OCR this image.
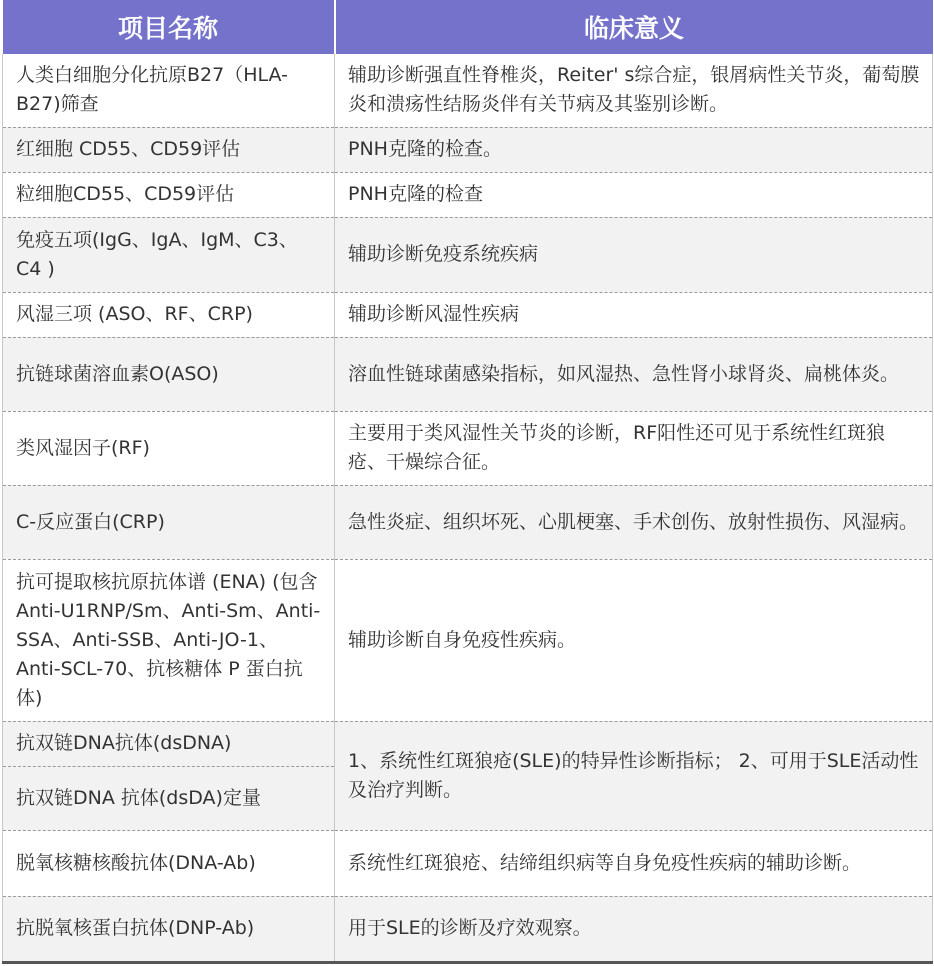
项目名称	临床意义
人类白细胞分化抗原B27（HLA-B27)筛查	辅助诊断强直性脊椎炎，Reiter' s综合症，银屑病性关节炎，葡萄膜炎和溃疡性结肠炎伴有关节病及其鉴别诊断。
红细胞 CD55、CD59评估	PNH克隆的检查。
粒细胞CD55、CD59评估	PNH克隆的检查
免疫五项(IgG、IgA、IgM、C3、C4 )	辅助诊断免疫系统疾病
风湿三项 (ASO、RF、CRP)	辅助诊断风湿性疾病
抗链球菌溶血素O(ASO)	溶血性链球菌感染指标，如风湿热、急性肾小球肾炎、扁桃体炎。
类风湿因子(RF)	主要用于类风湿性关节炎的诊断，RF阳性还可见于系统性红斑狼疮、干燥综合征。
C-反应蛋白(CRP)	急性炎症、组织坏死、心肌梗塞、手术创伤、放射性损伤、风湿病。
抗可提取核抗原抗体谱 (ENA) (包含Anti-U1RNP/Sm、Anti-Sm、Anti-SSA、Anti-SSB、Anti-JO-1、Anti-SCL-70、抗核糖体 P 蛋白抗体)	辅助诊断自身免疫性疾病。
抗双链DNA抗体(dsDNA)	1、系统性红斑狼疮(SLE)的特异性诊断指标； 2、可用于SLE活动性及治疗判断。
抗双链DNA 抗体(dsDA)定量	
脱氧核糖核酸抗体(DNA-Ab)	系统性红斑狼疮、结缔组织病等自身免疫性疾病的辅助诊断。
抗脱氧核蛋白抗体(DNP-Ab)	用于SLE的诊断及疗效观察。
